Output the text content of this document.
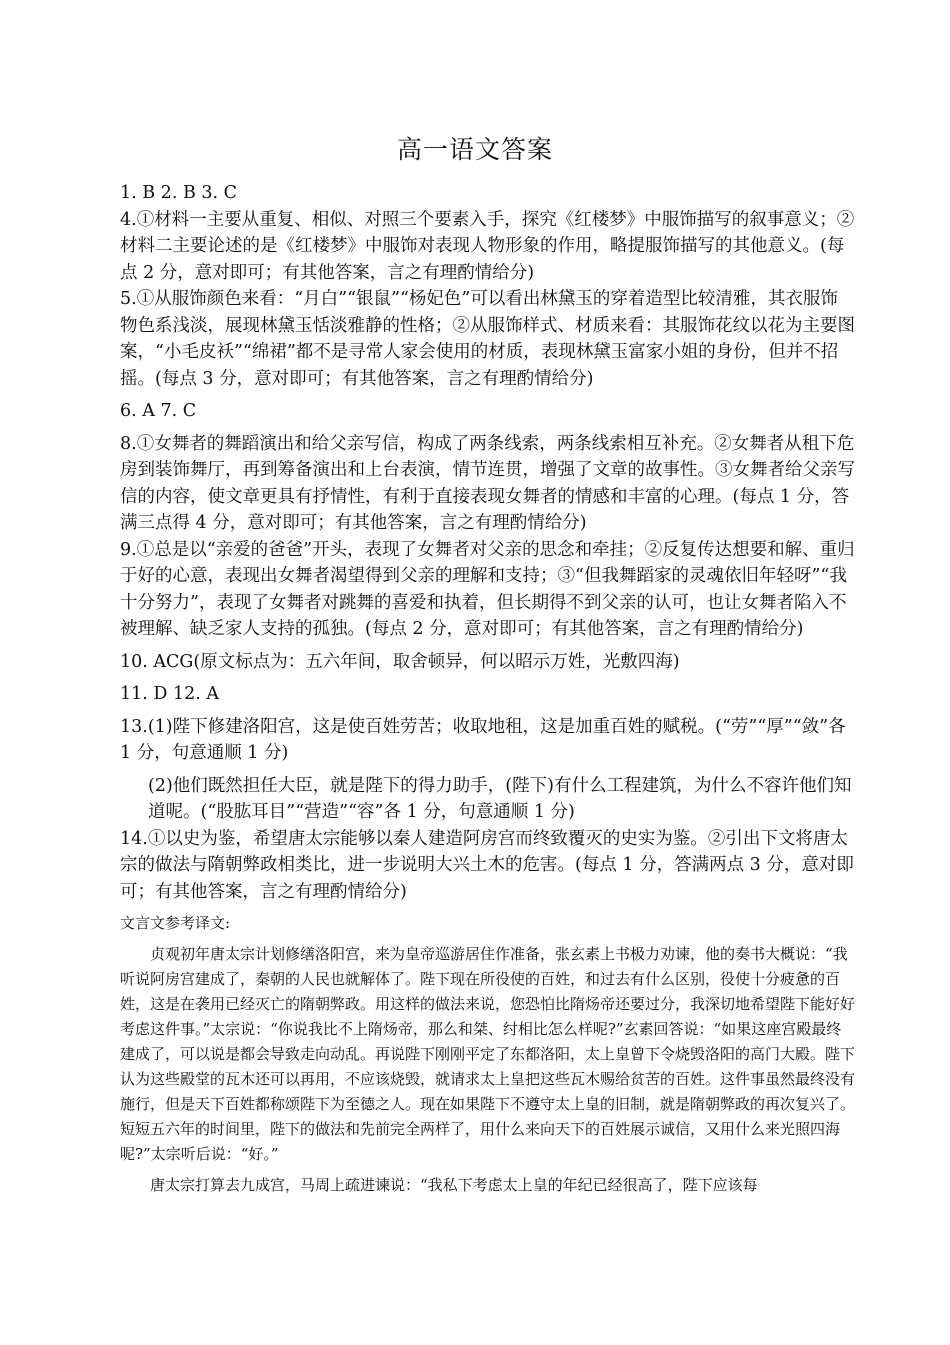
高一语文答案

1. B 2. B 3. C

4.①材料一主要从重复、相似、对照三个要素入手，探究《红楼梦》中服饰描写的叙事意义；②材料二主要论述的是《红楼梦》中服饰对表现人物形象的作用，略提服饰描写的其他意义。(每点 2 分，意对即可；有其他答案，言之有理酌情给分)

5.①从服饰颜色来看：“月白”“银鼠”“杨妃色”可以看出林黛玉的穿着造型比较清雅，其衣服饰物色系浅淡，展现林黛玉恬淡雅静的性格；②从服饰样式、材质来看：其服饰花纹以花为主要图案，“小毛皮袄”“绵裙”都不是寻常人家会使用的材质，表现林黛玉富家小姐的身份，但并不招摇。(每点 3 分，意对即可；有其他答案，言之有理酌情给分)

6. A 7. C

8.①女舞者的舞蹈演出和给父亲写信，构成了两条线索，两条线索相互补充。②女舞者从租下危房到装饰舞厅，再到筹备演出和上台表演，情节连贯，增强了文章的故事性。③女舞者给父亲写信的内容，使文章更具有抒情性，有利于直接表现女舞者的情感和丰富的心理。(每点 1 分，答满三点得 4 分，意对即可；有其他答案，言之有理酌情给分)

9.①总是以“亲爱的爸爸”开头，表现了女舞者对父亲的思念和牵挂；②反复传达想要和解、重归于好的心意，表现出女舞者渴望得到父亲的理解和支持；③“但我舞蹈家的灵魂依旧年轻呀”“我十分努力”，表现了女舞者对跳舞的喜爱和执着，但长期得不到父亲的认可，也让女舞者陷入不被理解、缺乏家人支持的孤独。(每点 2 分，意对即可；有其他答案，言之有理酌情给分)

10. ACG(原文标点为：五六年间，取舍顿异，何以昭示万姓，光敷四海)

11. D 12. A

13.(1)陛下修建洛阳宫，这是使百姓劳苦；收取地租，这是加重百姓的赋税。(“劳”“厚”“敛”各 1 分，句意通顺 1 分)

(2)他们既然担任大臣，就是陛下的得力助手，(陛下)有什么工程建筑，为什么不容许他们知道呢。(“股肱耳目”“营造”“容”各 1 分，句意通顺 1 分)

14.①以史为鉴，希望唐太宗能够以秦人建造阿房宫而终致覆灭的史实为鉴。②引出下文将唐太宗的做法与隋朝弊政相类比，进一步说明大兴土木的危害。(每点 1 分，答满两点 3 分，意对即可；有其他答案，言之有理酌情给分)

文言文参考译文:

贞观初年唐太宗计划修缮洛阳宫，来为皇帝巡游居住作准备，张玄素上书极力劝谏，他的奏书大概说：“我听说阿房宫建成了，秦朝的人民也就解体了。陛下现在所役使的百姓，和过去有什么区别，役使十分疲惫的百姓，这是在袭用已经灭亡的隋朝弊政。用这样的做法来说，您恐怕比隋炀帝还要过分，我深切地希望陛下能好好考虑这件事。”太宗说：“你说我比不上隋炀帝，那么和桀、纣相比怎么样呢?”玄素回答说：“如果这座宫殿最终建成了，可以说是都会导致走向动乱。再说陛下刚刚平定了东都洛阳，太上皇曾下令烧毁洛阳的高门大殿。陛下认为这些殿堂的瓦木还可以再用，不应该烧毁，就请求太上皇把这些瓦木赐给贫苦的百姓。这件事虽然最终没有施行，但是天下百姓都称颂陛下为至德之人。现在如果陛下不遵守太上皇的旧制，就是隋朝弊政的再次复兴了。短短五六年的时间里，陛下的做法和先前完全两样了，用什么来向天下的百姓展示诚信，又用什么来光照四海呢?”太宗听后说：“好。”

唐太宗打算去九成宫，马周上疏进谏说：“我私下考虑太上皇的年纪已经很高了，陛下应该每
